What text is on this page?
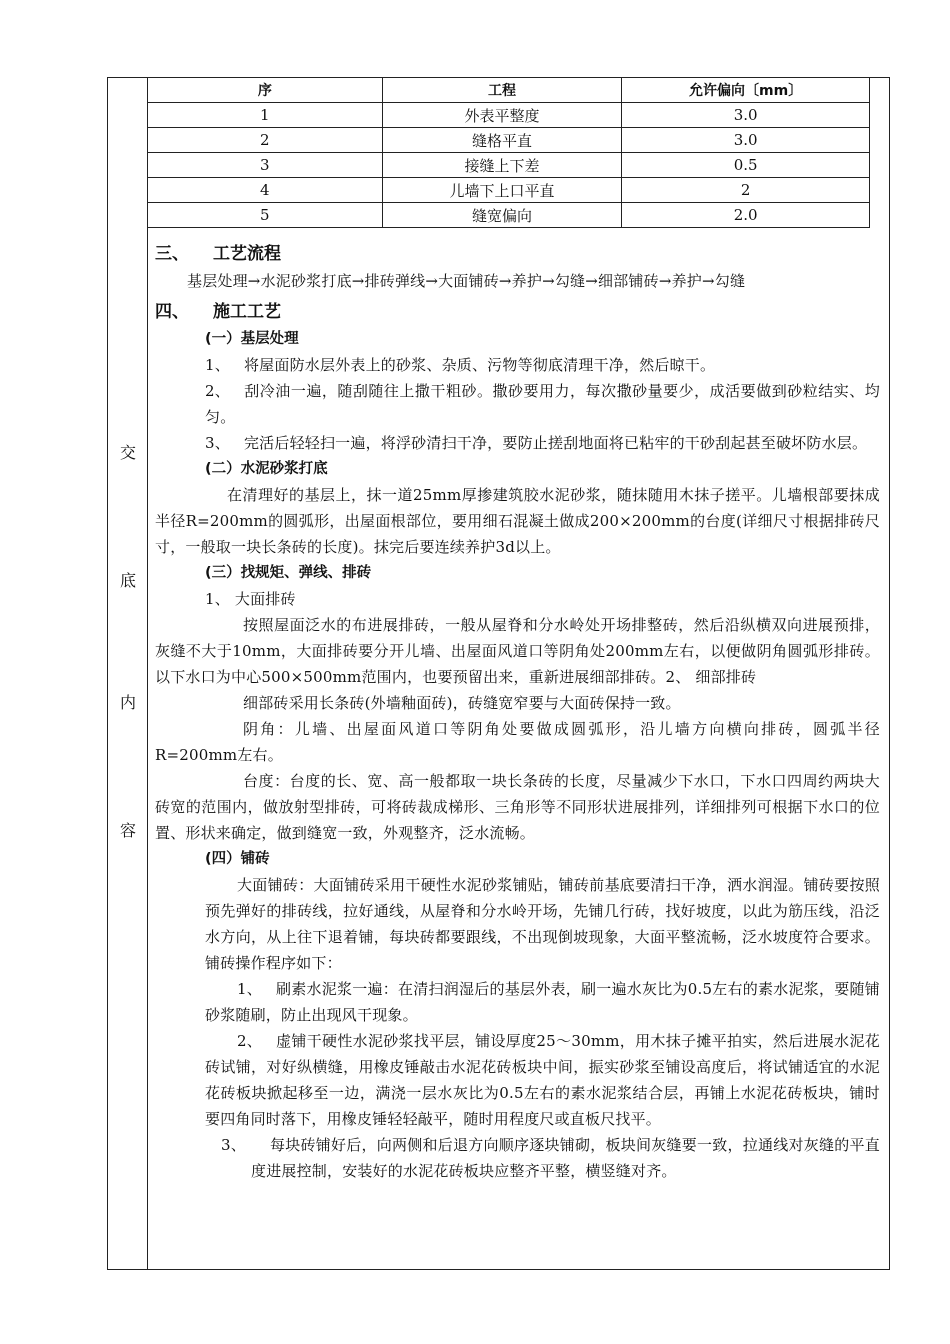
交
底
内
容
序	工程	允许偏向〔mm〕
1	外表平整度	3.0
2	缝格平直	3.0
3	接缝上下差	0.5
4	儿墙下上口平直	2
5	缝宽偏向	2.0
三、	工艺流程
基层处理→水泥砂浆打底→排砖弹线→大面铺砖→养护→勾缝→细部铺砖→养护→勾缝
四、	施工工艺
(一）基层处理
1、 将屋面防水层外表上的砂浆、杂质、污物等彻底清理干净，然后晾干。
2、 刮冷油一遍，随刮随往上撒干粗砂。撒砂要用力，每次撒砂量要少，成活要做到砂粒结实、均匀。
3、 完活后轻轻扫一遍，将浮砂清扫干净，要防止搓刮地面将已粘牢的干砂刮起甚至破坏防水层。
(二）水泥砂浆打底
在清理好的基层上，抹一道25mm厚掺建筑胶水泥砂浆，随抹随用木抹子搓平。儿墙根部要抹成半径R=200mm的圆弧形，出屋面根部位，要用细石混凝土做成200×200mm的台度(详细尺寸根据排砖尺寸，一般取一块长条砖的长度)。抹完后要连续养护3d以上。
(三）找规矩、弹线、排砖
1、 大面排砖
按照屋面泛水的布进展排砖，一般从屋脊和分水岭处开场排整砖，然后沿纵横双向进展预排，灰缝不大于10mm，大面排砖要分开儿墙、出屋面风道口等阴角处200mm左右，以便做阴角圆弧形排砖。以下水口为中心500×500mm范围内，也要预留出来，重新进展细部排砖。2、 细部排砖
细部砖采用长条砖(外墙釉面砖)，砖缝宽窄要与大面砖保持一致。
阴角：儿墙、出屋面风道口等阴角处要做成圆弧形，沿儿墙方向横向排砖，圆弧半径R=200mm左右。
台度：台度的长、宽、高一般都取一块长条砖的长度，尽量减少下水口，下水口四周约两块大砖宽的范围内，做放射型排砖，可将砖裁成梯形、三角形等不同形状进展排列，详细排列可根据下水口的位置、形状来确定，做到缝宽一致，外观整齐，泛水流畅。
(四）铺砖
大面铺砖：大面铺砖采用干硬性水泥砂浆铺贴，铺砖前基底要清扫干净，洒水润湿。铺砖要按照预先弹好的排砖线，拉好通线，从屋脊和分水岭开场，先铺几行砖，找好坡度，以此为筋压线，沿泛水方向，从上往下退着铺，每块砖都要跟线，不出现倒坡现象，大面平整流畅，泛水坡度符合要求。铺砖操作程序如下：
1、 刷素水泥浆一遍：在清扫润湿后的基层外表，刷一遍水灰比为0.5左右的素水泥浆，要随铺砂浆随刷，防止出现风干现象。
2、 虚铺干硬性水泥砂浆找平层，铺设厚度25～30mm，用木抹子摊平拍实，然后进展水泥花砖试铺，对好纵横缝，用橡皮锤敲击水泥花砖板块中间，振实砂浆至铺设高度后，将试铺适宜的水泥花砖板块掀起移至一边，满浇一层水灰比为0.5左右的素水泥浆结合层，再铺上水泥花砖板块，铺时要四角同时落下，用橡皮锤轻轻敲平，随时用程度尺或直板尺找平。
3、 每块砖铺好后，向两侧和后退方向顺序逐块铺砌，板块间灰缝要一致，拉通线对灰缝的平直度进展控制，安装好的水泥花砖板块应整齐平整，横竖缝对齐。
